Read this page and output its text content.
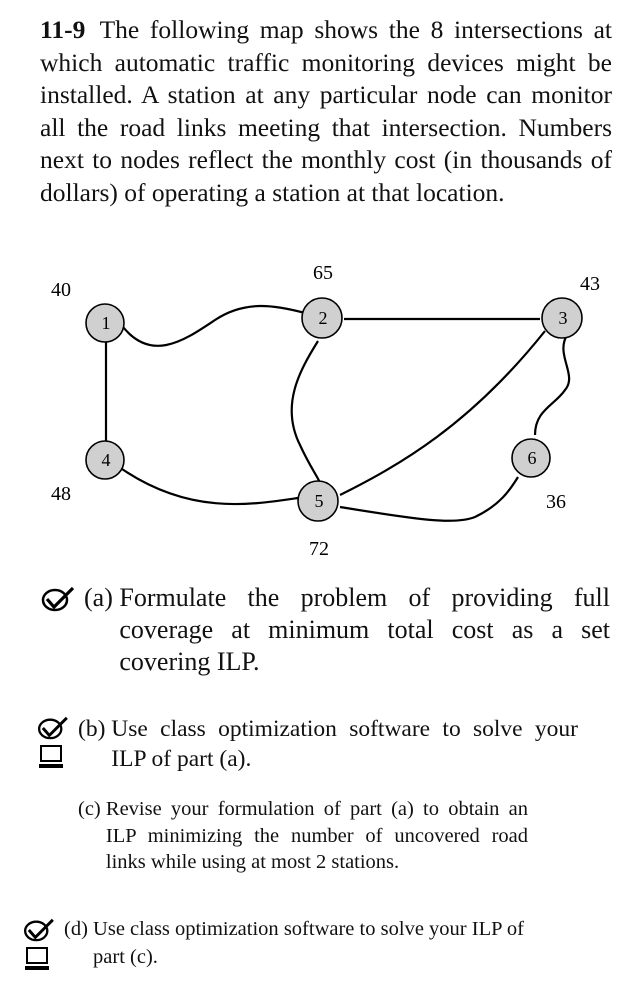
11-9 The following map shows the 8 intersections at which automatic traffic monitoring devices might be installed. A station at any particular node can monitor all the road links meeting that intersection. Numbers next to nodes reflect the monthly cost (in thousands of dollars) of operating a station at that location.
1	2	3
4
5
6
40
65	43
48
72
36
(a)
Formulate the problem of providing full coverage at minimum total cost as a set covering ILP.
(b)
Use class optimization software to solve your ILP of part (a).
(c)
Revise your formulation of part (a) to obtain an ILP minimizing the number of uncovered road links while using at most 2 stations.
(d)
Use class optimization software to solve your ILP of part (c).
